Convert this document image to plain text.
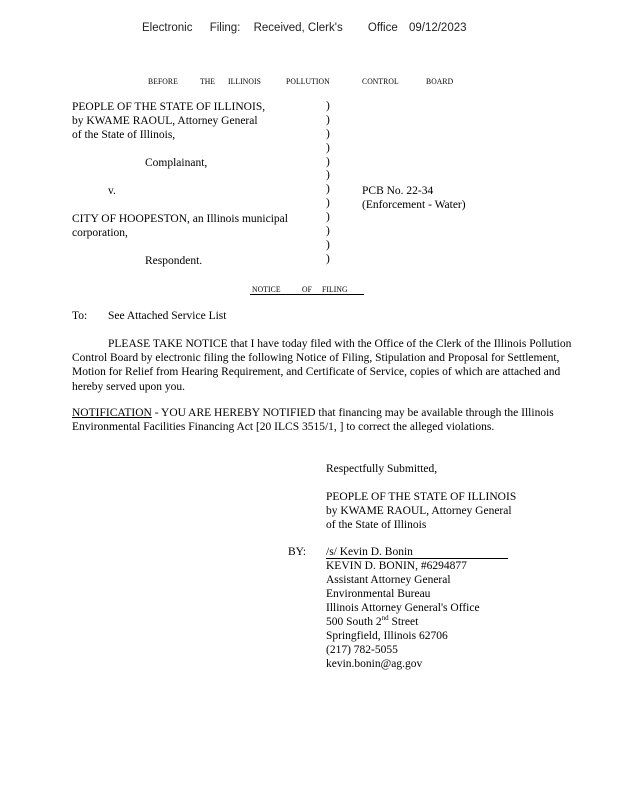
Electronic Filing: Received, Clerk's Office 09/12/2023
BEFORE	THE ILLINOIS	POLLUTION	CONTROL	BOARD
PEOPLE OF THE STATE OF ILLINOIS,
by KWAME RAOUL, Attorney General
of the State of Illinois,
Complainant,
v.
CITY OF HOOPESTON, an Illinois municipal
corporation,
Respondent.
)
)
)
)
)
)
)
)
)
)
)
)
PCB No. 22-34
(Enforcement - Water)
NOTICE	OF FILING
To: See Attached Service List
PLEASE TAKE NOTICE that I have today filed with the Office of the Clerk of the Illinois Pollution Control Board by electronic filing the following Notice of Filing, Stipulation and Proposal for Settlement, Motion for Relief from Hearing Requirement, and Certificate of Service, copies of which are attached and hereby served upon you.
NOTIFICATION - YOU ARE HEREBY NOTIFIED that financing may be available through the Illinois Environmental Facilities Financing Act [20 ILCS 3515/1, ] to correct the alleged violations.
Respectfully Submitted,
PEOPLE OF THE STATE OF ILLINOIS
by KWAME RAOUL, Attorney General
of the State of Illinois
BY: /s/ Kevin D. Bonin
KEVIN D. BONIN, #6294877
Assistant Attorney General
Environmental Bureau
Illinois Attorney General's Office
500 South 2nd Street
Springfield, Illinois 62706
(217) 782-5055
kevin.bonin@ag.gov
